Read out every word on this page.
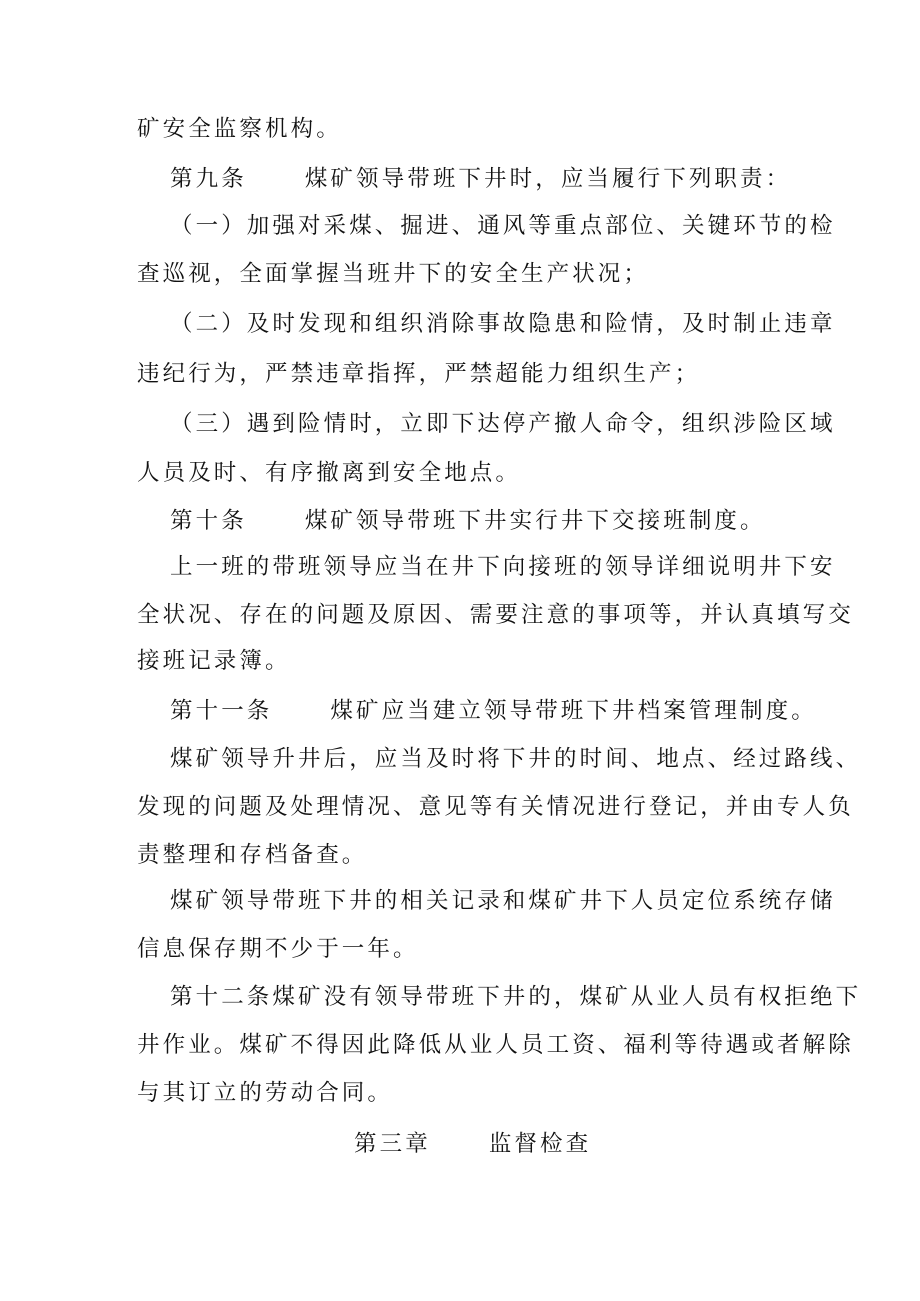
矿安全监察机构。
第九条	煤矿领导带班下井时，应当履行下列职责：
（一）加强对采煤、掘进、通风等重点部位、关键环节的检
查巡视，全面掌握当班井下的安全生产状况；
（二）及时发现和组织消除事故隐患和险情，及时制止违章
违纪行为，严禁违章指挥，严禁超能力组织生产；
（三）遇到险情时，立即下达停产撤人命令，组织涉险区域
人员及时、有序撤离到安全地点。
第十条	煤矿领导带班下井实行井下交接班制度。
上一班的带班领导应当在井下向接班的领导详细说明井下安
全状况、存在的问题及原因、需要注意的事项等，并认真填写交
接班记录簿。
第十一条	煤矿应当建立领导带班下井档案管理制度。
煤矿领导升井后，应当及时将下井的时间、地点、经过路线、
发现的问题及处理情况、意见等有关情况进行登记，并由专人负
责整理和存档备查。
煤矿领导带班下井的相关记录和煤矿井下人员定位系统存储
信息保存期不少于一年。
第十二条煤矿没有领导带班下井的，煤矿从业人员有权拒绝下
井作业。煤矿不得因此降低从业人员工资、福利等待遇或者解除
与其订立的劳动合同。
第三章	监督检查
